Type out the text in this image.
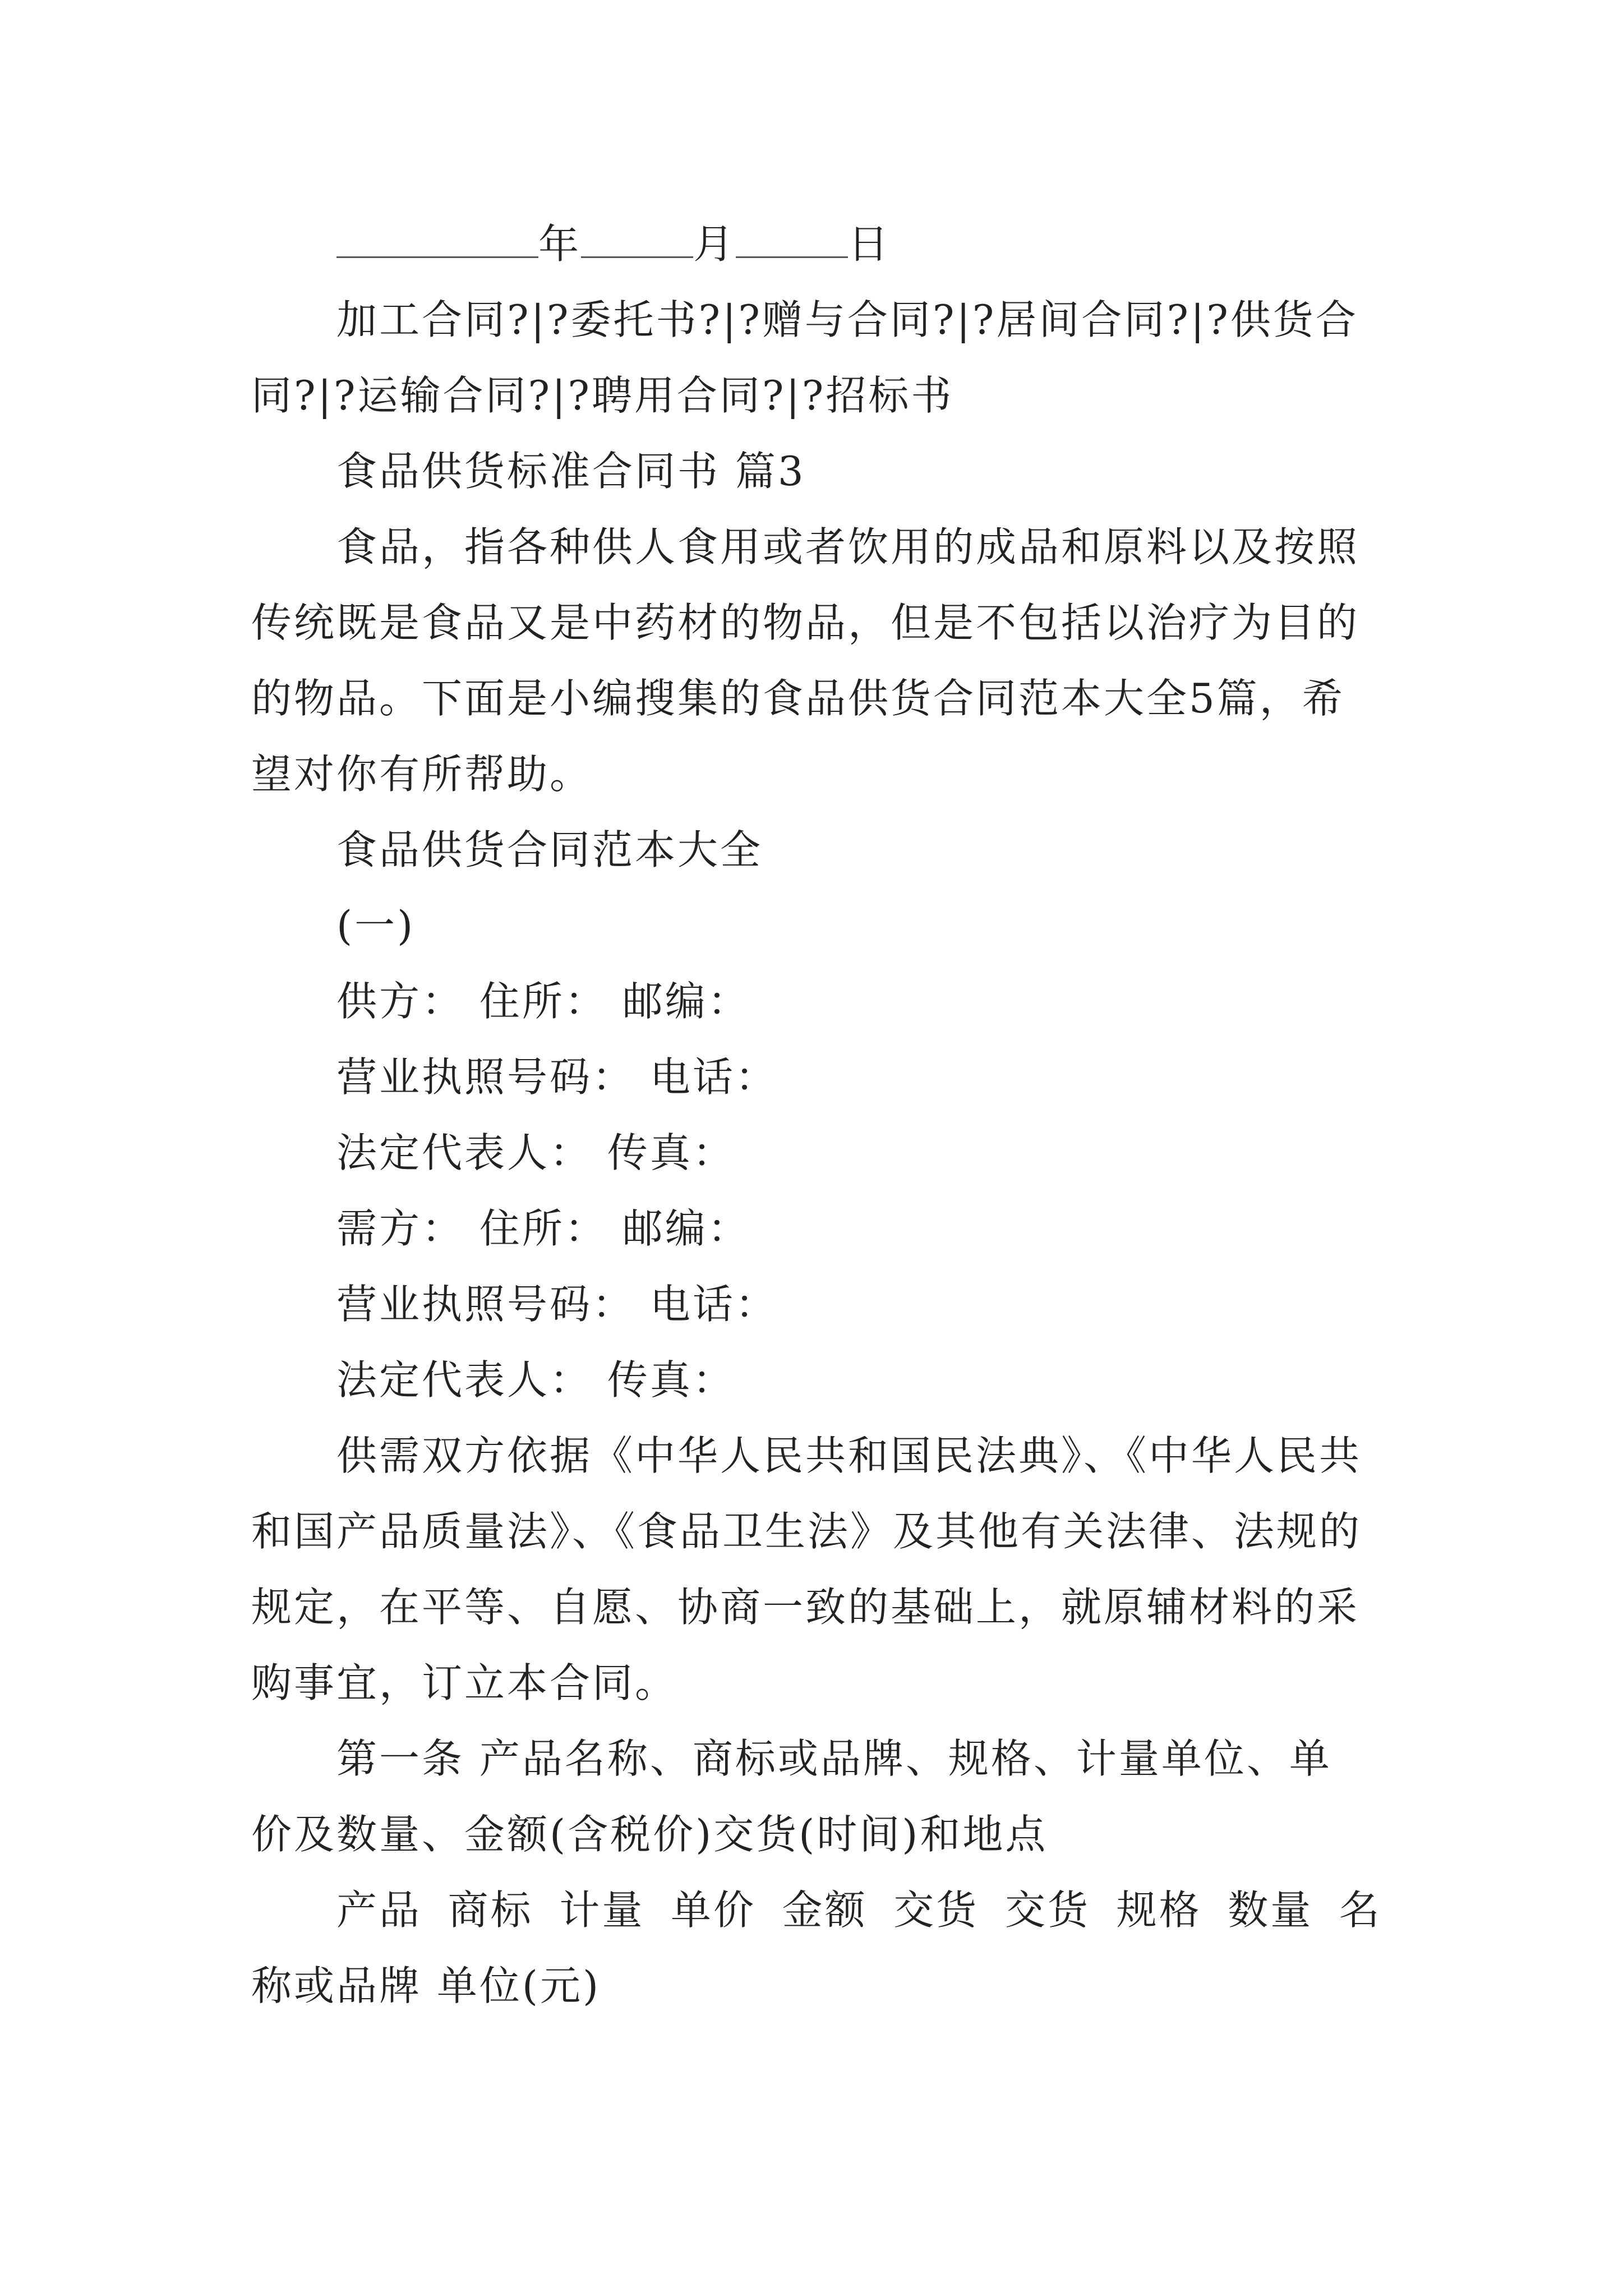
年	月	日
加工合同?|?委托书?|?赠与合同?|?居间合同?|?供货合
同?|?运输合同?|?聘用合同?|?招标书
食品供货标准合同书 篇3
食品，指各种供人食用或者饮用的成品和原料以及按照
传统既是食品又是中药材的物品，但是不包括以治疗为目的
的物品。下面是小编搜集的食品供货合同范本大全5篇，希
望对你有所帮助。
食品供货合同范本大全
(一)
供方： 住所： 邮编：
营业执照号码： 电话：
法定代表人： 传真：
需方： 住所： 邮编：
营业执照号码： 电话：
法定代表人： 传真：
供需双方依据《中华人民共和国民法典》、《中华人民共
和国产品质量法》、《食品卫生法》及其他有关法律、法规的
规定，在平等、自愿、协商一致的基础上，就原辅材料的采
购事宜，订立本合同。
第一条 产品名称、商标或品牌、规格、计量单位、单
价及数量、金额(含税价)交货(时间)和地点
产品 商标 计量 单价 金额 交货 交货 规格 数量 名
称或品牌 单位(元)
